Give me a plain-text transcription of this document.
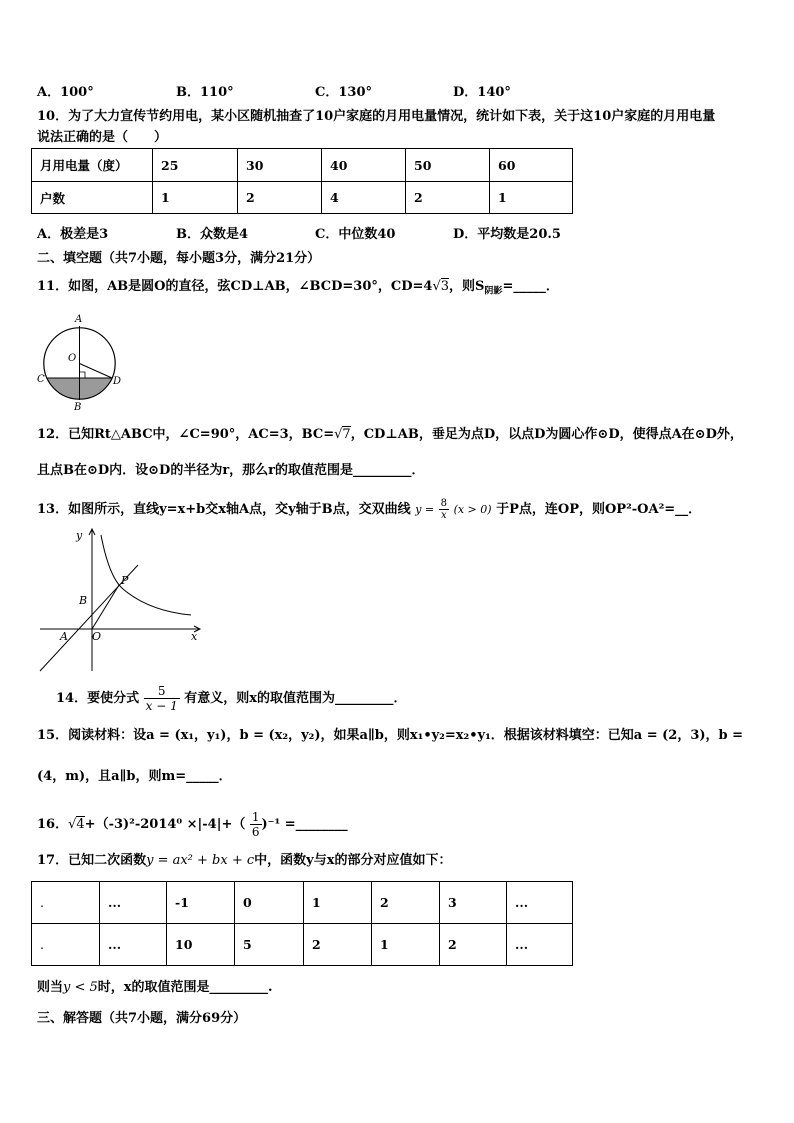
A．100°	B．110°	C．130°	D．140°
10．为了大力宣传节约用电，某小区随机抽查了10户家庭的月用电量情况，统计如下表，关于这10户家庭的月用电量
说法正确的是（　　）
月用电量（度）	25	30	40	50	60
户数	1	2	4	2	1
A．极差是3	B．众数是4	C．中位数40	D．平均数是20.5
二、填空题（共7小题，每小题3分，满分21分）
11．如图，AB是圆O的直径，弦CD⊥AB，∠BCD=30°，CD=4√3，则$S_{阴影}=\_\_\_\_\_$．
A
O
C	D
B
12．已知Rt△ABC中，∠C=90°，AC=3，BC=√7，CD⊥AB，垂足为点D，以点D为圆心作⊙D，使得点A在⊙D外，
且点B在⊙D内．设⊙D的半径为r，那么r的取值范围是_________．
13．如图所示，直线y=x+b交x轴A点，交y轴于B点，交双曲线 $y = \frac{8}{x} (x > 0)$ 于P点，连OP，则OP²-OA²=__．
y
x
P
B
A O
14．要使分式 $\frac{5}{x - 1}$ 有意义，则x的取值范围为_________．
15．阅读材料：设a = (x₁，y₁)，b = (x₂，y₂)，如果a∥b，则x₁•y₂=x₂•y₁．根据该材料填空：已知a = (2，3)，b =
(4，m)，且a∥b，则m=_____．
16．$√4+(-3)^2-2014^0 \times|-4|+( \frac{1}{6} )^{-1}$ =________
17．已知二次函数y = ax² + bx + c中，函数y与x的部分对应值如下：
.	...	-1	0	1	2	3	...
.	...	10	5	2	1	2	...
则当y < 5时，x的取值范围是_________.
三、解答题（共7小题，满分69分）
